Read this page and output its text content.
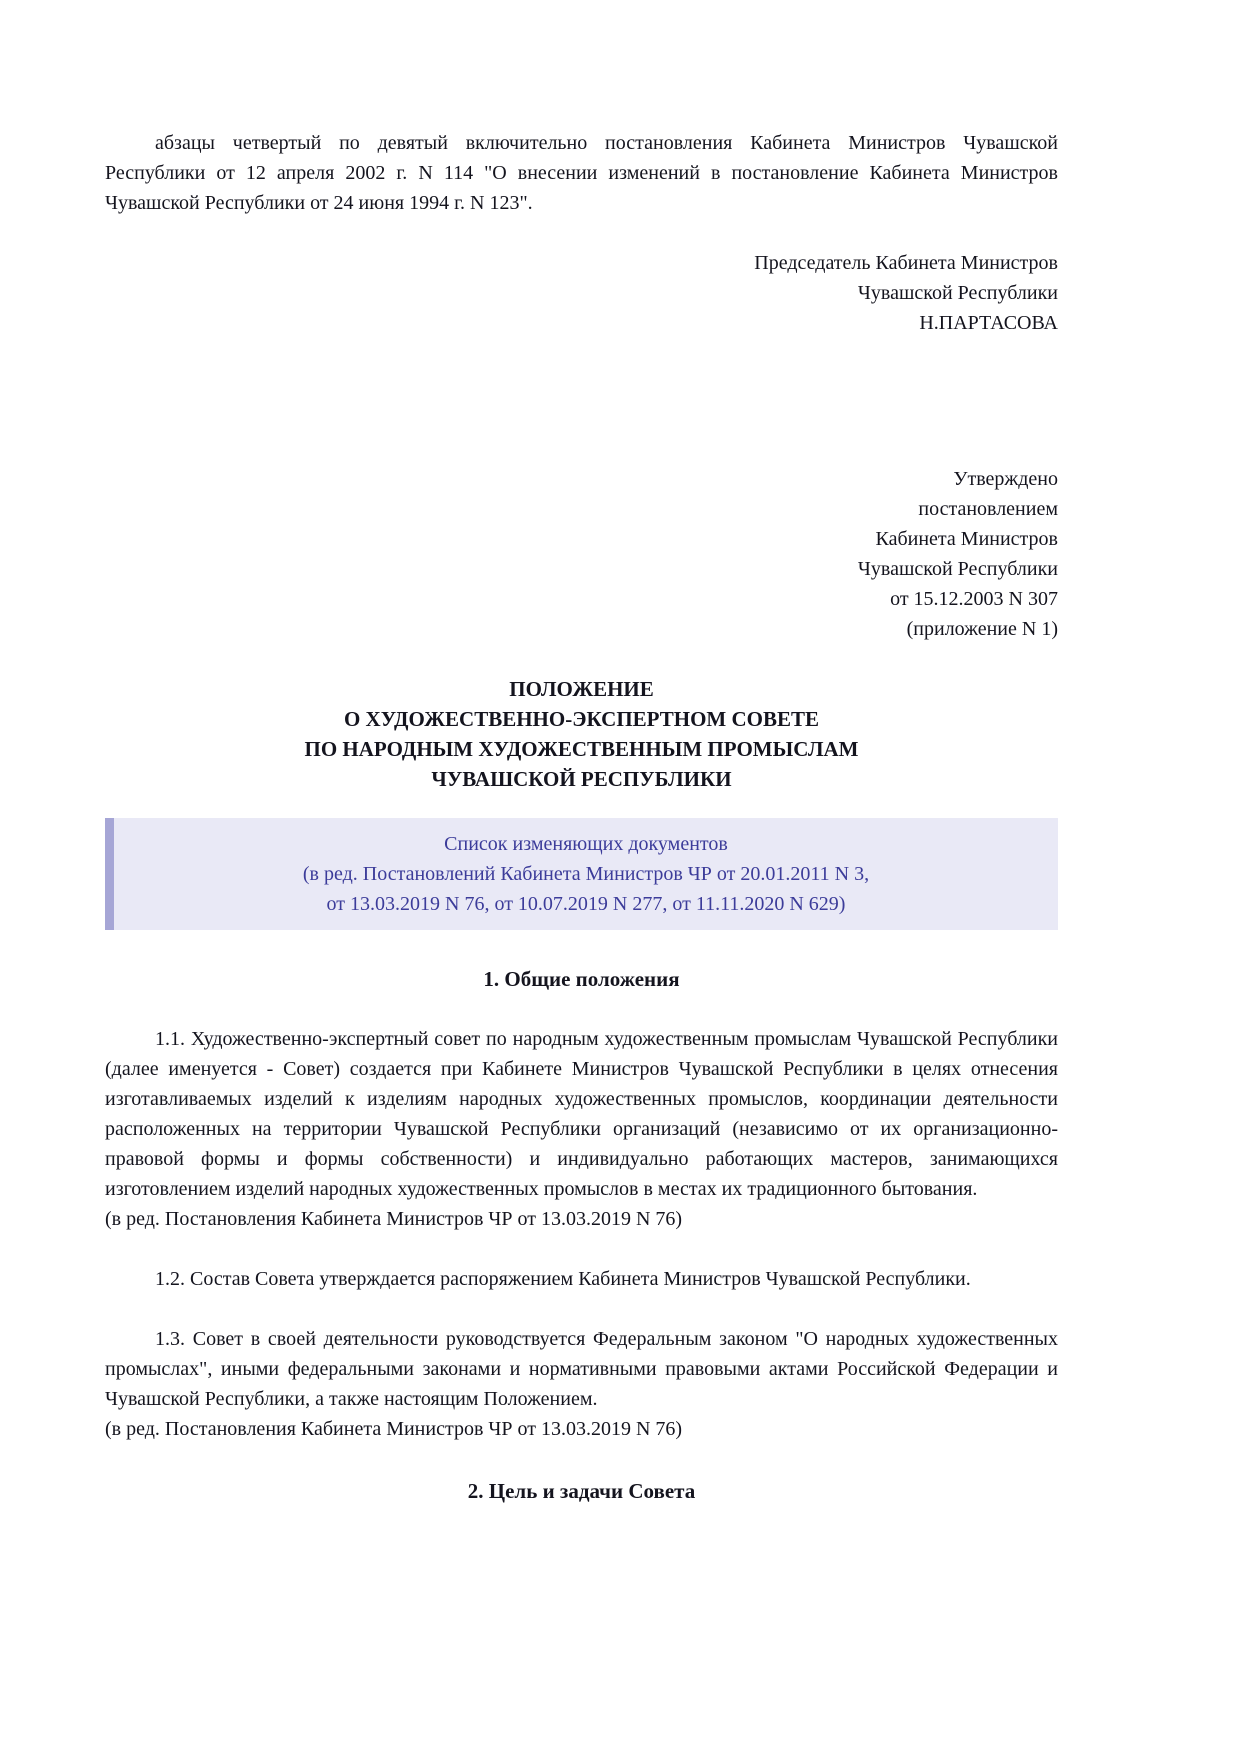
абзацы четвертый по девятый включительно постановления Кабинета Министров Чувашской Республики от 12 апреля 2002 г. N 114 "О внесении изменений в постановление Кабинета Министров Чувашской Республики от 24 июня 1994 г. N 123".

Председатель Кабинета Министров
Чувашской Республики
Н.ПАРТАСОВА
Утверждено
постановлением
Кабинета Министров
Чувашской Республики
от 15.12.2003 N 307
(приложение N 1)
ПОЛОЖЕНИЕ
О ХУДОЖЕСТВЕННО-ЭКСПЕРТНОМ СОВЕТЕ
ПО НАРОДНЫМ ХУДОЖЕСТВЕННЫМ ПРОМЫСЛАМ
ЧУВАШСКОЙ РЕСПУБЛИКИ
Список изменяющих документов
(в ред. Постановлений Кабинета Министров ЧР от 20.01.2011 N 3,
от 13.03.2019 N 76, от 10.07.2019 N 277, от 11.11.2020 N 629)
1. Общие положения

1.1. Художественно-экспертный совет по народным художественным промыслам Чувашской Республики (далее именуется - Совет) создается при Кабинете Министров Чувашской Республики в целях отнесения изготавливаемых изделий к изделиям народных художественных промыслов, координации деятельности расположенных на территории Чувашской Республики организаций (независимо от их организационно-правовой формы и формы собственности) и индивидуально работающих мастеров, занимающихся изготовлением изделий народных художественных промыслов в местах их традиционного бытования.

(в ред. Постановления Кабинета Министров ЧР от 13.03.2019 N 76)

1.2. Состав Совета утверждается распоряжением Кабинета Министров Чувашской Республики.

1.3. Совет в своей деятельности руководствуется Федеральным законом "О народных художественных промыслах", иными федеральными законами и нормативными правовыми актами Российской Федерации и Чувашской Республики, а также настоящим Положением.

(в ред. Постановления Кабинета Министров ЧР от 13.03.2019 N 76)

2. Цель и задачи Совета
